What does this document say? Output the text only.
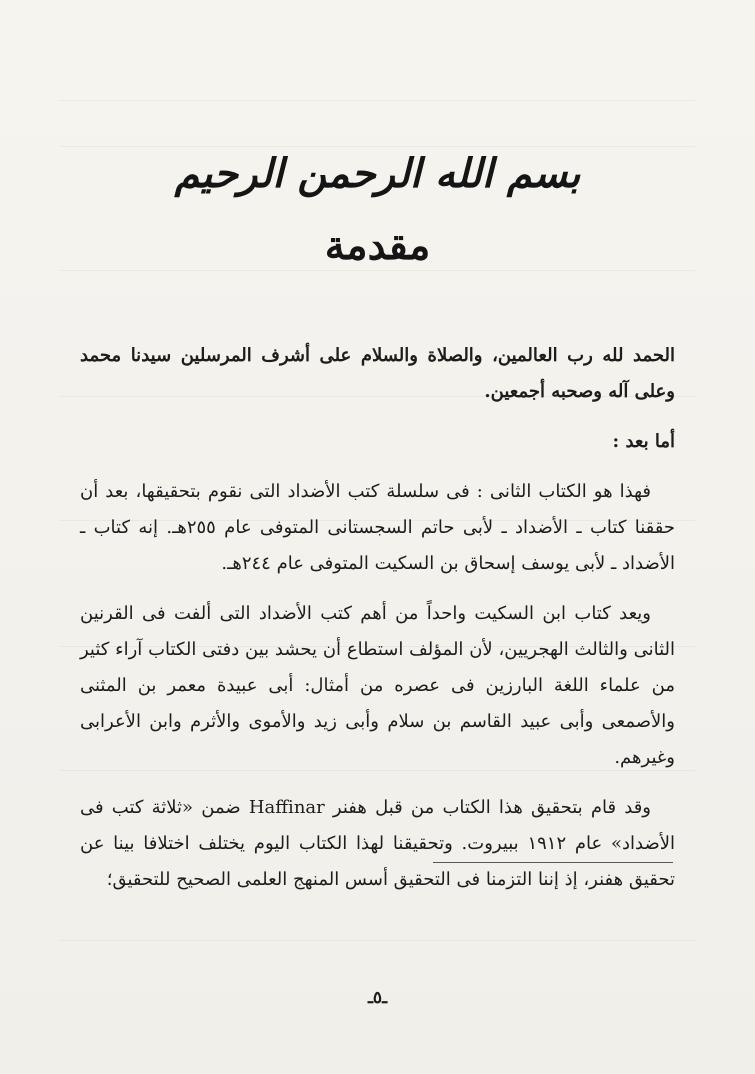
بسم الله الرحمن الرحيم
مقدمة

الحمد لله رب العالمين، والصلاة والسلام على أشرف المرسلين سيدنا محمد وعلى آله وصحبه أجمعين.

أما بعد :

فهذا هو الكتاب الثانى : فى سلسلة كتب الأضداد التى نقوم بتحقيقها، بعد أن حققنا كتاب ـ الأضداد ـ لأبى حاتم السجستانى المتوفى عام ٢٥٥هـ. إنه كتاب ـ الأضداد ـ لأبى يوسف إسحاق بن السكيت المتوفى عام ٢٤٤هـ.

ويعد كتاب ابن السكيت واحداً من أهم كتب الأضداد التى ألفت فى القرنين الثانى والثالث الهجريين، لأن المؤلف استطاع أن يحشد بين دفتى الكتاب آراء كثير من علماء اللغة البارزين فى عصره من أمثال: أبى عبيدة معمر بن المثنى والأصمعى وأبى عبيد القاسم بن سلام وأبى زيد والأموى والأثرم وابن الأعرابى وغيرهم.

وقد قام بتحقيق هذا الكتاب من قبل هفنر Haffinar ضمن «ثلاثة كتب فى الأضداد» عام ١٩١٢ ببيروت. وتحقيقنا لهذا الكتاب اليوم يختلف اختلافا بينا عن تحقيق هفنر، إذ إننا التزمنا فى التحقيق أسس المنهج العلمى الصحيح للتحقيق؛

ـ٥ـ
